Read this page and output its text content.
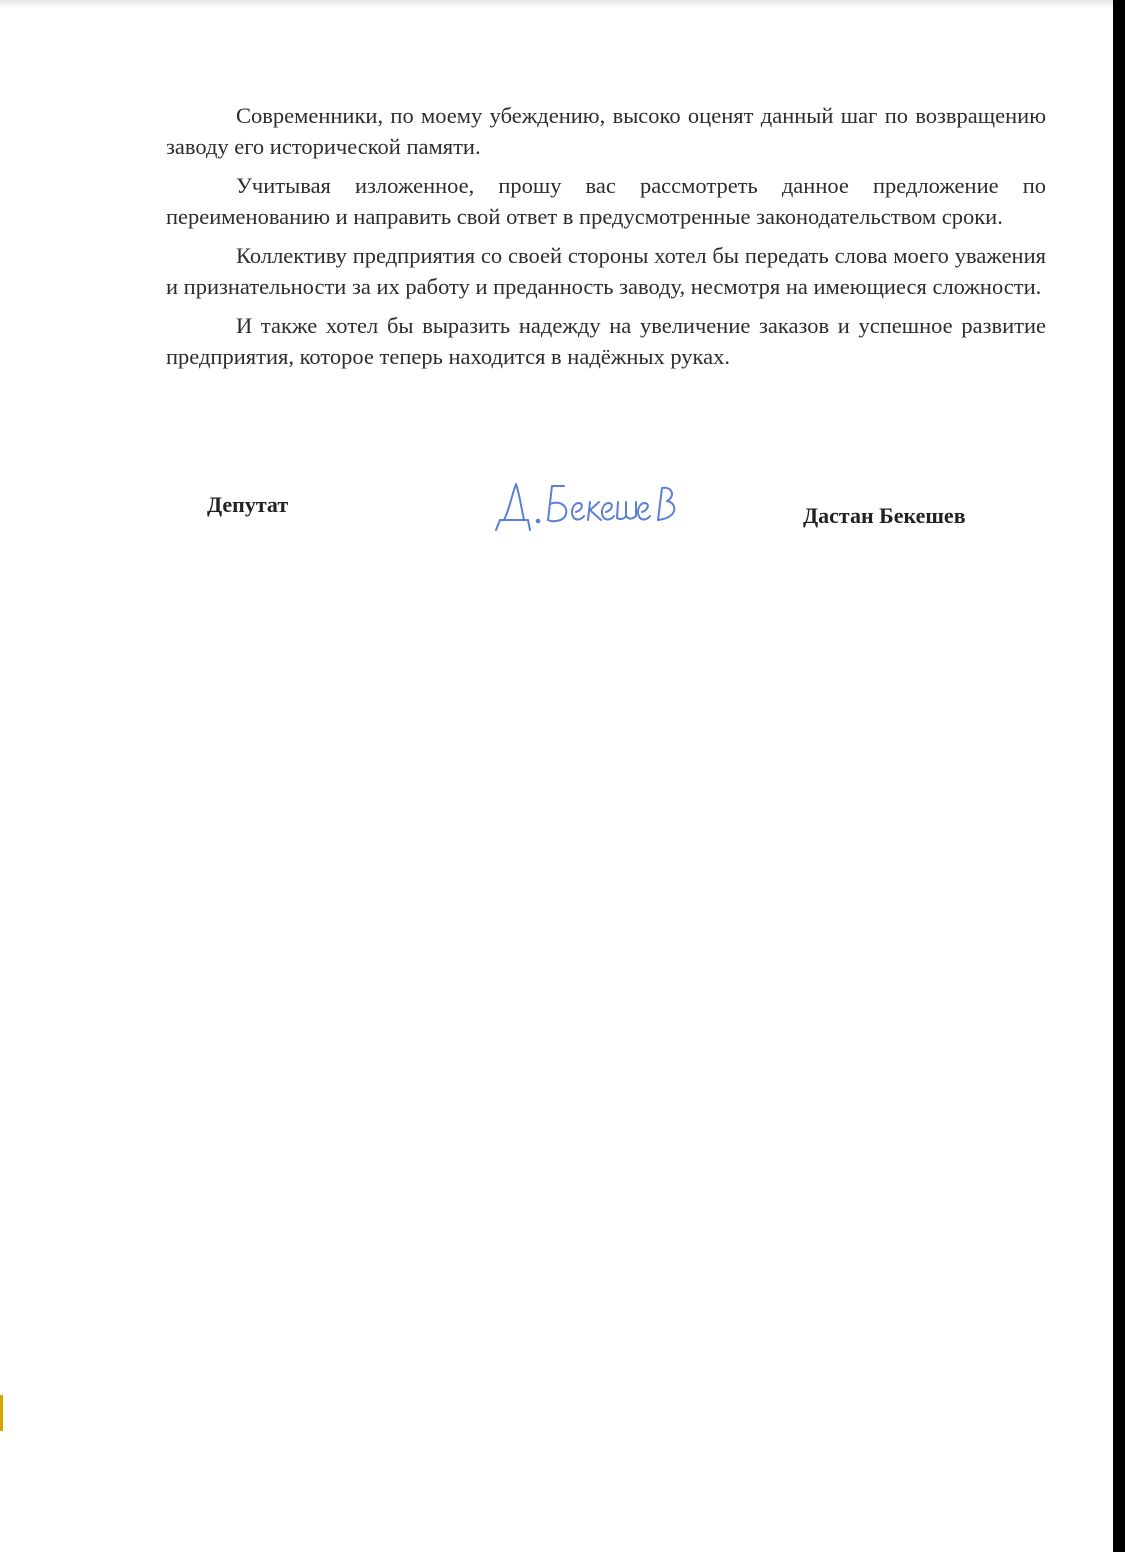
Современники, по моему убеждению, высоко оценят данный шаг по возвращению заводу его исторической памяти.

Учитывая изложенное, прошу вас рассмотреть данное предложение по переименованию и направить свой ответ в предусмотренные законодательством сроки.

Коллективу предприятия со своей стороны хотел бы передать слова моего уважения и признательности за их работу и преданность заводу, несмотря на имеющиеся сложности.

И также хотел бы выразить надежду на увеличение заказов и успешное развитие предприятия, которое теперь находится в надёжных руках.

Депутат	Дастан Бекешев
